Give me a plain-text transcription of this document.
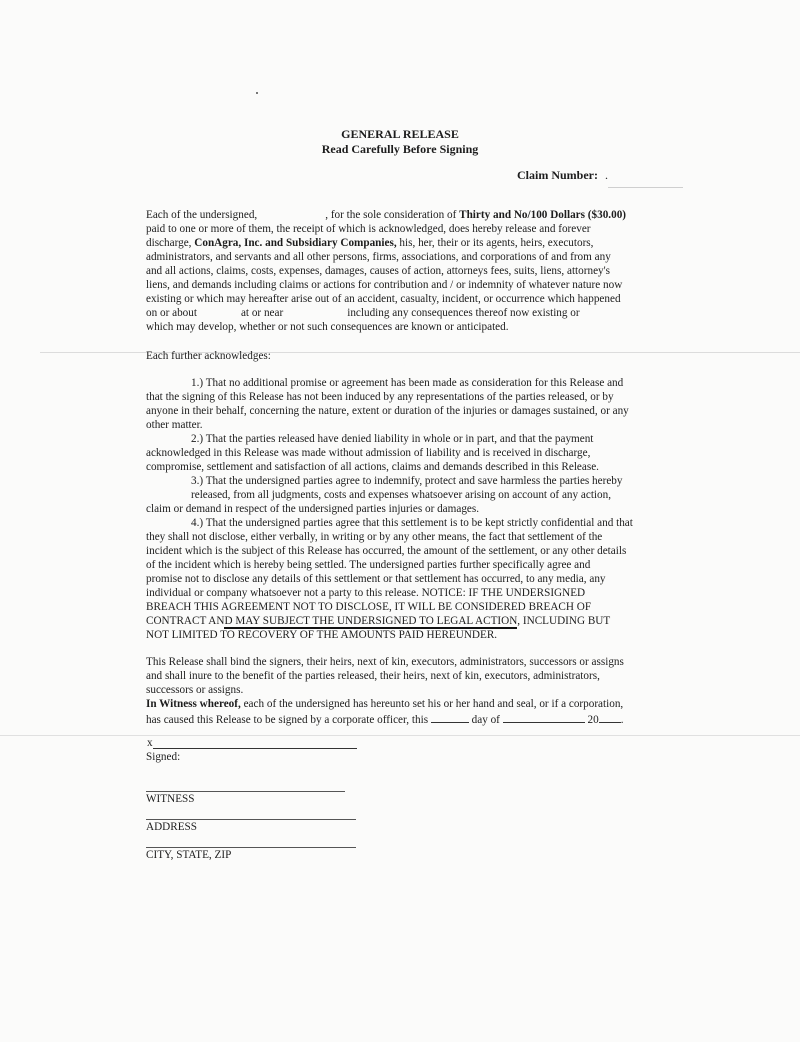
GENERAL RELEASE
Read Carefully Before Signing
Claim Number: .
Each of the undersigned,	, for the sole consideration of Thirty and No/100 Dollars ($30.00)
paid to one or more of them, the receipt of which is acknowledged, does hereby release and forever
discharge, ConAgra, Inc. and Subsidiary Companies, his, her, their or its agents, heirs, executors,
administrators, and servants and all other persons, firms, associations, and corporations of and from any
and all actions, claims, costs, expenses, damages, causes of action, attorneys fees, suits, liens, attorney's
liens, and demands including claims or actions for contribution and / or indemnity of whatever nature now
existing or which may hereafter arise out of an accident, casualty, incident, or occurrence which happened
on or about	at or near	including any consequences thereof now existing or
which may develop, whether or not such consequences are known or anticipated.
Each further acknowledges:
1.) That no additional promise or agreement has been made as consideration for this Release and
that the signing of this Release has not been induced by any representations of the parties released, or by
anyone in their behalf, concerning the nature, extent or duration of the injuries or damages sustained, or any
other matter.
2.) That the parties released have denied liability in whole or in part, and that the payment
acknowledged in this Release was made without admission of liability and is received in discharge,
compromise, settlement and satisfaction of all actions, claims and demands described in this Release.
3.) That the undersigned parties agree to indemnify, protect and save harmless the parties hereby
released, from all judgments, costs and expenses whatsoever arising on account of any action,
claim or demand in respect of the undersigned parties injuries or damages.
4.) That the undersigned parties agree that this settlement is to be kept strictly confidential and that
they shall not disclose, either verbally, in writing or by any other means, the fact that settlement of the
incident which is the subject of this Release has occurred, the amount of the settlement, or any other details
of the incident which is hereby being settled. The undersigned parties further specifically agree and
promise not to disclose any details of this settlement or that settlement has occurred, to any media, any
individual or company whatsoever not a party to this release. NOTICE: IF THE UNDERSIGNED
BREACH THIS AGREEMENT NOT TO DISCLOSE, IT WILL BE CONSIDERED BREACH OF
CONTRACT AND MAY SUBJECT THE UNDERSIGNED TO LEGAL ACTION, INCLUDING BUT
NOT LIMITED TO RECOVERY OF THE AMOUNTS PAID HEREUNDER.
This Release shall bind the signers, their heirs, next of kin, executors, administrators, successors or assigns
and shall inure to the benefit of the parties released, their heirs, next of kin, executors, administrators,
successors or assigns.
In Witness whereof, each of the undersigned has hereunto set his or her hand and seal, or if a corporation,
has caused this Release to be signed by a corporate officer, this	day of	20 .
x
Signed:
WITNESS
ADDRESS
CITY, STATE, ZIP
